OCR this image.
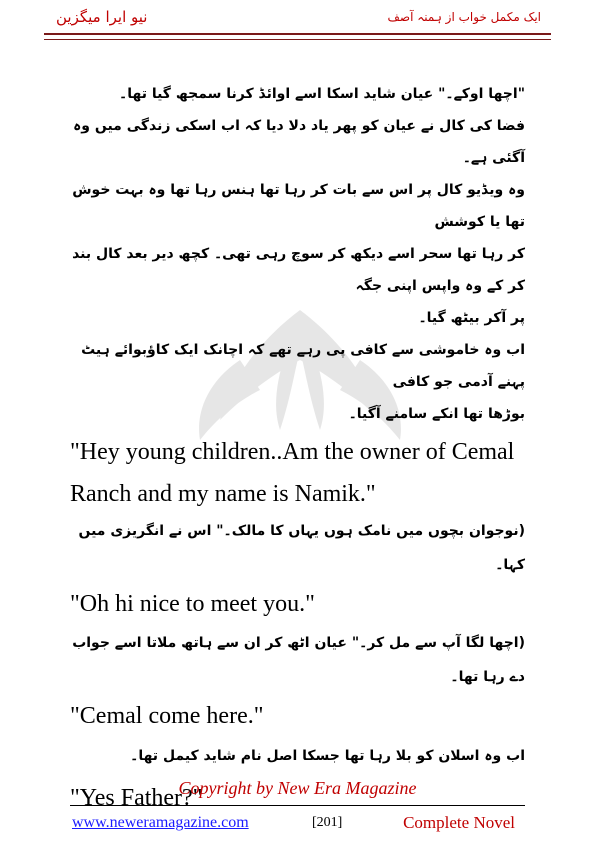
نیو ایرا میگزین	ایک مکمل خواب از ہمنہ آصف

"اچھا اوکے۔" عیان شاید اسکا اسے اوائڈ کرنا سمجھ گیا تھا۔

فضا کی کال نے عیان کو پھر یاد دلا دیا کہ اب اسکی زندگی میں وہ آگئی ہے۔

وہ ویڈیو کال پر اس سے بات کر رہا تھا ہنس رہا تھا وہ بہت خوش تھا یا کوشش

کر رہا تھا سحر اسے دیکھ کر سوچ رہی تھی۔ کچھ دیر بعد کال بند کر کے وہ واپس اپنی جگہ

پر آکر بیٹھ گیا۔

اب وہ خاموشی سے کافی پی رہے تھے کہ اچانک ایک کاؤبوائے ہیٹ پہنے آدمی جو کافی

بوڑھا تھا انکے سامنے آگیا۔

"Hey young children..Am the owner of Cemal

Ranch and my name is Namik."

(نوجوان بچوں میں نامک ہوں یہاں کا مالک۔" اس نے انگریزی میں کہا۔

"Oh hi nice to meet you."

(اچھا لگا آپ سے مل کر۔" عیان اٹھ کر ان سے ہاتھ ملاتا اسے جواب دے رہا تھا۔

"Cemal come here."

اب وہ اسلان کو بلا رہا تھا جسکا اصل نام شاید کیمل تھا۔

"Yes Father?"

Copyright by New Era Magazine
www.neweramagazine.com	[201]	Complete Novel
